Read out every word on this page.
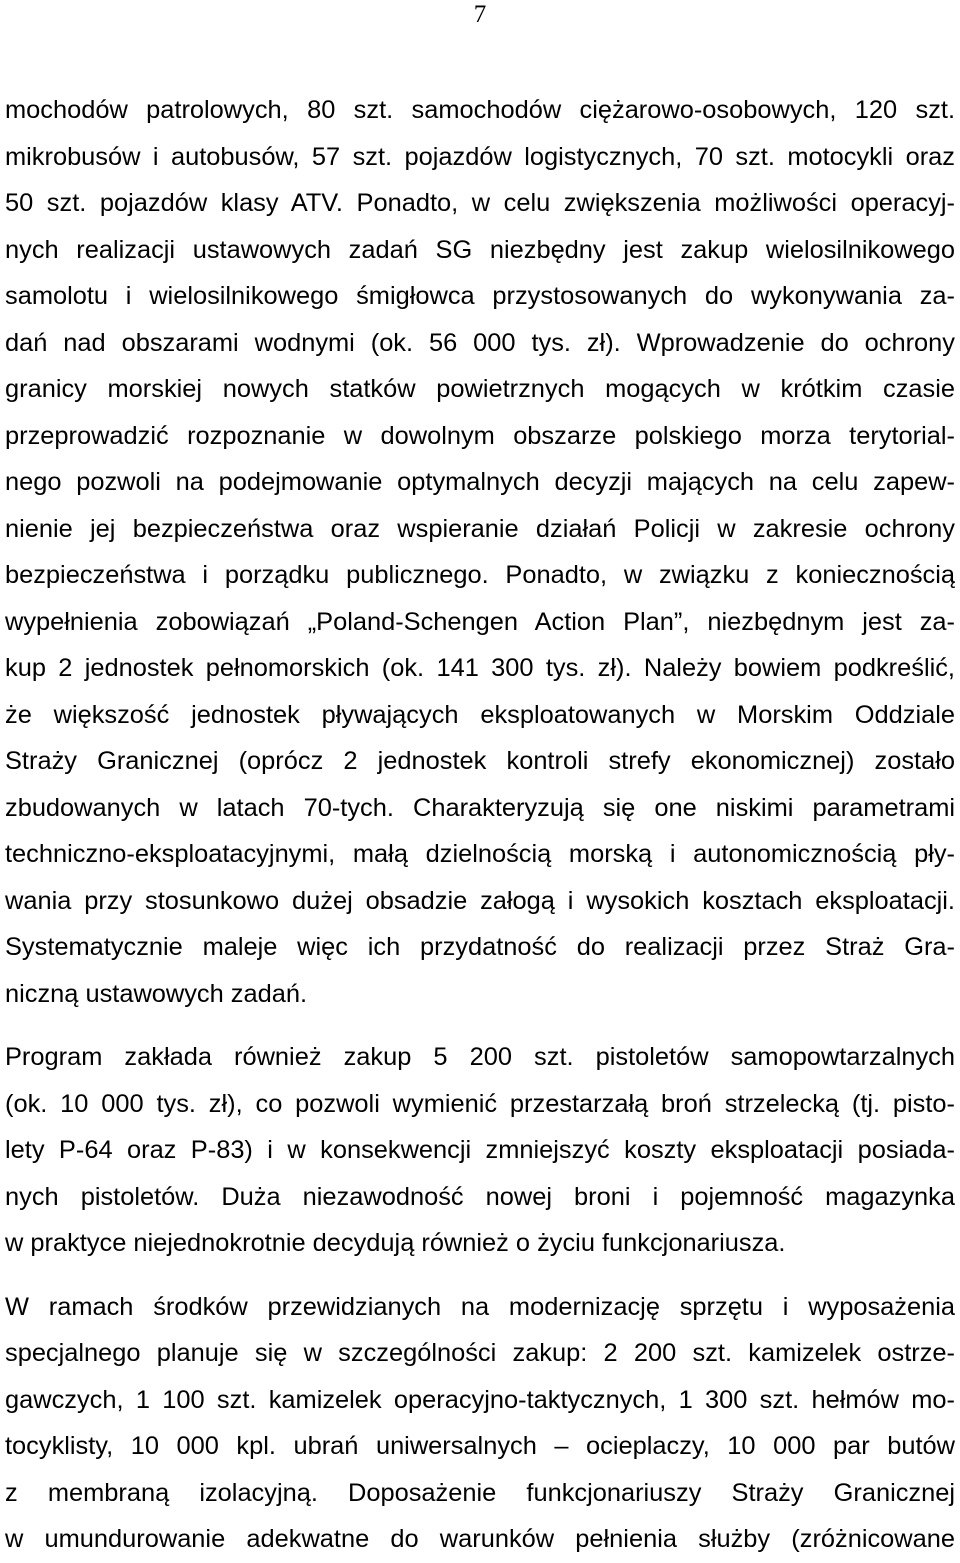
7
mochodów patrolowych, 80 szt. samochodów ciężarowo-osobowych, 120 szt.
mikrobusów i autobusów, 57 szt. pojazdów logistycznych, 70 szt. motocykli oraz
50 szt. pojazdów klasy ATV. Ponadto, w celu zwiększenia możliwości operacyj-
nych realizacji ustawowych zadań SG niezbędny jest zakup wielosilnikowego
samolotu i wielosilnikowego śmigłowca przystosowanych do wykonywania za-
dań nad obszarami wodnymi (ok. 56 000 tys. zł). Wprowadzenie do ochrony
granicy morskiej nowych statków powietrznych mogących w krótkim czasie
przeprowadzić rozpoznanie w dowolnym obszarze polskiego morza terytorial-
nego pozwoli na podejmowanie optymalnych decyzji mających na celu zapew-
nienie jej bezpieczeństwa oraz wspieranie działań Policji w zakresie ochrony
bezpieczeństwa i porządku publicznego. Ponadto, w związku z koniecznością
wypełnienia zobowiązań „Poland-Schengen Action Plan”, niezbędnym jest za-
kup 2 jednostek pełnomorskich (ok. 141 300 tys. zł). Należy bowiem podkreślić,
że większość jednostek pływających eksploatowanych w Morskim Oddziale
Straży Granicznej (oprócz 2 jednostek kontroli strefy ekonomicznej) zostało
zbudowanych w latach 70-tych. Charakteryzują się one niskimi parametrami
techniczno-eksploatacyjnymi, małą dzielnością morską i autonomicznością pły-
wania przy stosunkowo dużej obsadzie załogą i wysokich kosztach eksploatacji.
Systematycznie maleje więc ich przydatność do realizacji przez Straż Gra-
niczną ustawowych zadań.
Program zakłada również zakup 5 200 szt. pistoletów samopowtarzalnych
(ok. 10 000 tys. zł), co pozwoli wymienić przestarzałą broń strzelecką (tj. pisto-
lety P-64 oraz P-83) i w konsekwencji zmniejszyć koszty eksploatacji posiada-
nych pistoletów. Duża niezawodność nowej broni i pojemność magazynka
w praktyce niejednokrotnie decydują również o życiu funkcjonariusza.
W ramach środków przewidzianych na modernizację sprzętu i wyposażenia
specjalnego planuje się w szczególności zakup: 2 200 szt. kamizelek ostrze-
gawczych, 1 100 szt. kamizelek operacyjno-taktycznych, 1 300 szt. hełmów mo-
tocyklisty, 10 000 kpl. ubrań uniwersalnych – ocieplaczy, 10 000 par butów
z membraną izolacyjną. Doposażenie funkcjonariuszy Straży Granicznej
w umundurowanie adekwatne do warunków pełnienia służby (zróżnicowane
